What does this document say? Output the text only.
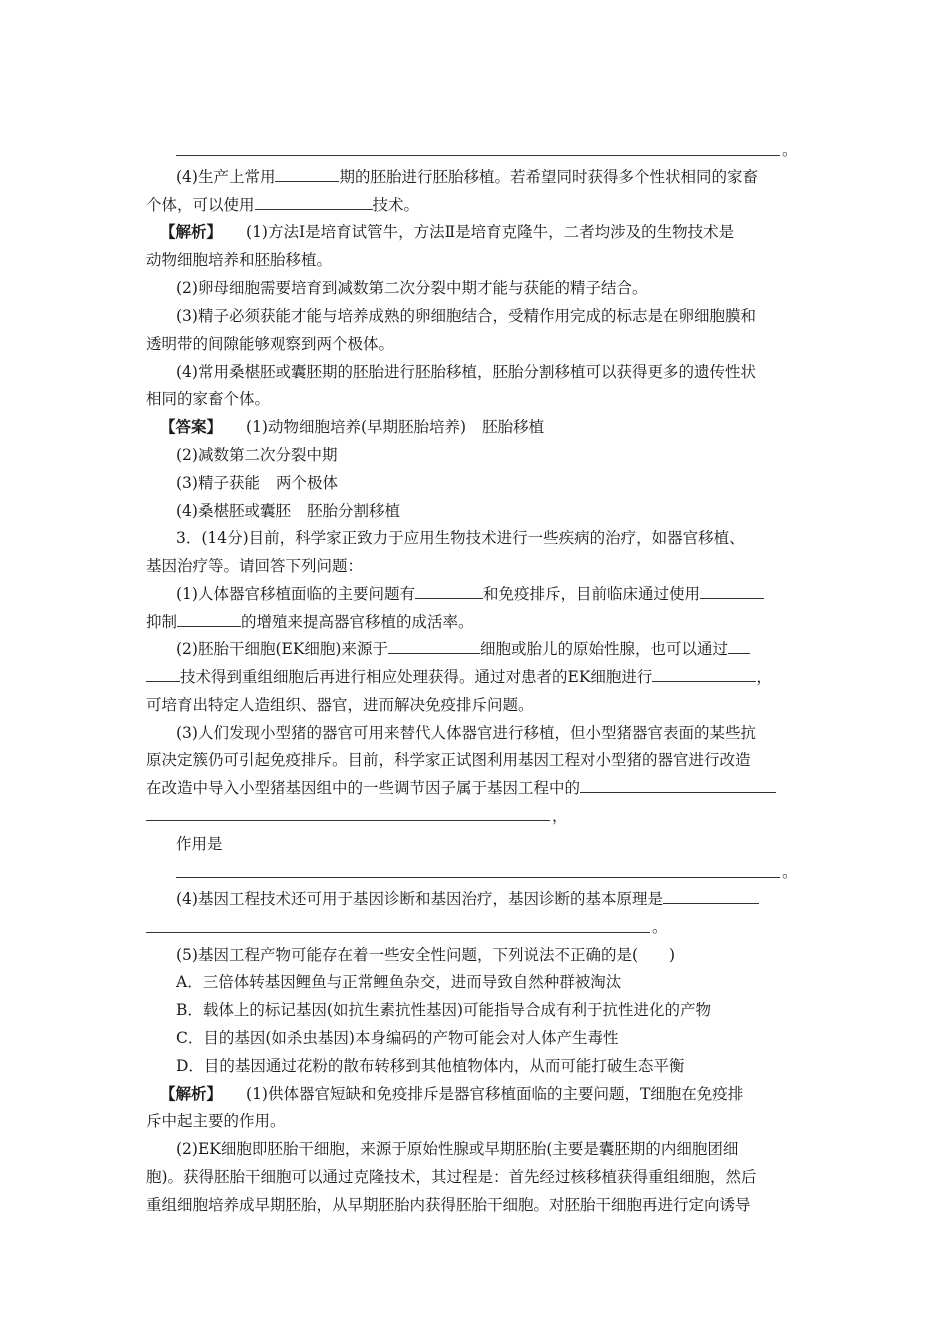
。
(4)生产上常用	期的胚胎进行胚胎移植。若希望同时获得多个性状相同的家畜
个体，可以使用	技术。
【解析】 (1)方法Ⅰ是培育试管牛，方法Ⅱ是培育克隆牛，二者均涉及的生物技术是
动物细胞培养和胚胎移植。
(2)卵母细胞需要培育到减数第二次分裂中期才能与获能的精子结合。
(3)精子必须获能才能与培养成熟的卵细胞结合，受精作用完成的标志是在卵细胞膜和
透明带的间隙能够观察到两个极体。
(4)常用桑椹胚或囊胚期的胚胎进行胚胎移植，胚胎分割移植可以获得更多的遗传性状
相同的家畜个体。
【答案】 (1)动物细胞培养(早期胚胎培养) 胚胎移植
(2)减数第二次分裂中期
(3)精子获能 两个极体
(4)桑椹胚或囊胚 胚胎分割移植
3．(14分)目前，科学家正致力于应用生物技术进行一些疾病的治疗，如器官移植、
基因治疗等。请回答下列问题：
(1)人体器官移植面临的主要问题有	和免疫排斥，目前临床通过使用
抑制	的增殖来提高器官移植的成活率。
(2)胚胎干细胞(EK细胞)来源于	细胞或胎儿的原始性腺，也可以通过
技术得到重组细胞后再进行相应处理获得。通过对患者的EK细胞进行	，
可培育出特定人造组织、器官，进而解决免疫排斥问题。
(3)人们发现小型猪的器官可用来替代人体器官进行移植，但小型猪器官表面的某些抗
原决定簇仍可引起免疫排斥。目前，科学家正试图利用基因工程对小型猪的器官进行改造
在改造中导入小型猪基因组中的一些调节因子属于基因工程中的
，
作用是
。
(4)基因工程技术还可用于基因诊断和基因治疗，基因诊断的基本原理是
。
(5)基因工程产物可能存在着一些安全性问题，下列说法不正确的是(　　)
A．三倍体转基因鲤鱼与正常鲤鱼杂交，进而导致自然种群被淘汰
B．载体上的标记基因(如抗生素抗性基因)可能指导合成有利于抗性进化的产物
C．目的基因(如杀虫基因)本身编码的产物可能会对人体产生毒性
D．目的基因通过花粉的散布转移到其他植物体内，从而可能打破生态平衡
【解析】 (1)供体器官短缺和免疫排斥是器官移植面临的主要问题，T细胞在免疫排
斥中起主要的作用。
(2)EK细胞即胚胎干细胞，来源于原始性腺或早期胚胎(主要是囊胚期的内细胞团细
胞)。获得胚胎干细胞可以通过克隆技术，其过程是：首先经过核移植获得重组细胞，然后
重组细胞培养成早期胚胎，从早期胚胎内获得胚胎干细胞。对胚胎干细胞再进行定向诱导
